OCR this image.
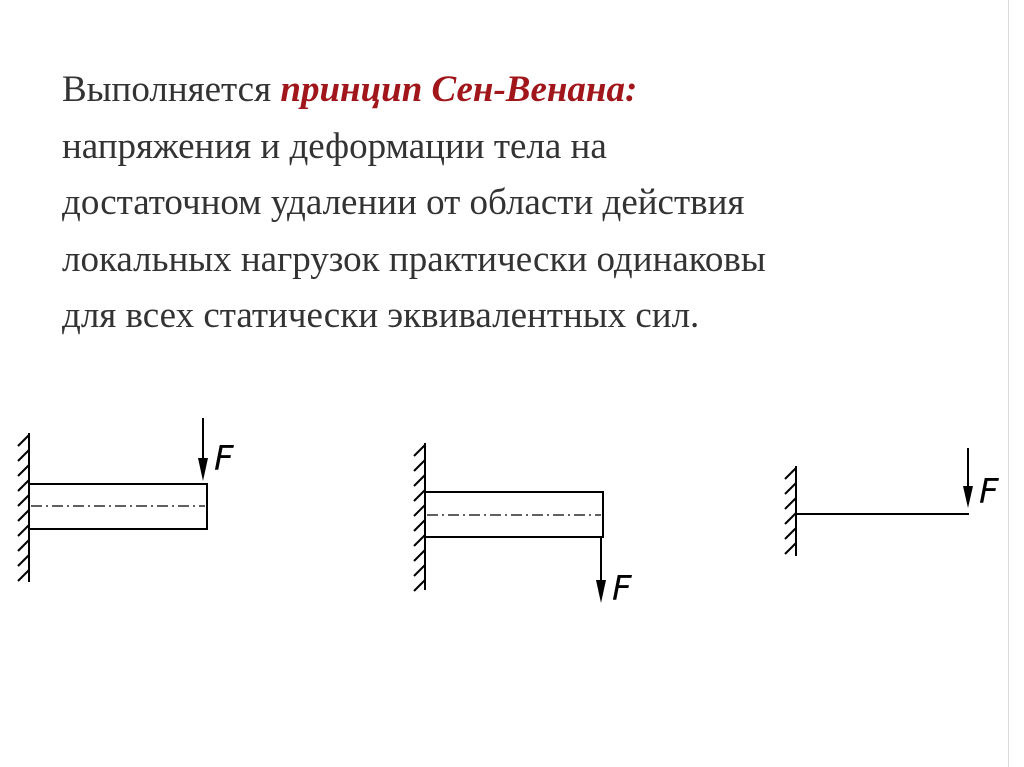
Выполняется принцип Сен-Венана:
напряжения и деформации тела на
достаточном удалении от области действия
локальных нагрузок практически одинаковы
для всех статически эквивалентных сил.
F
F
F
